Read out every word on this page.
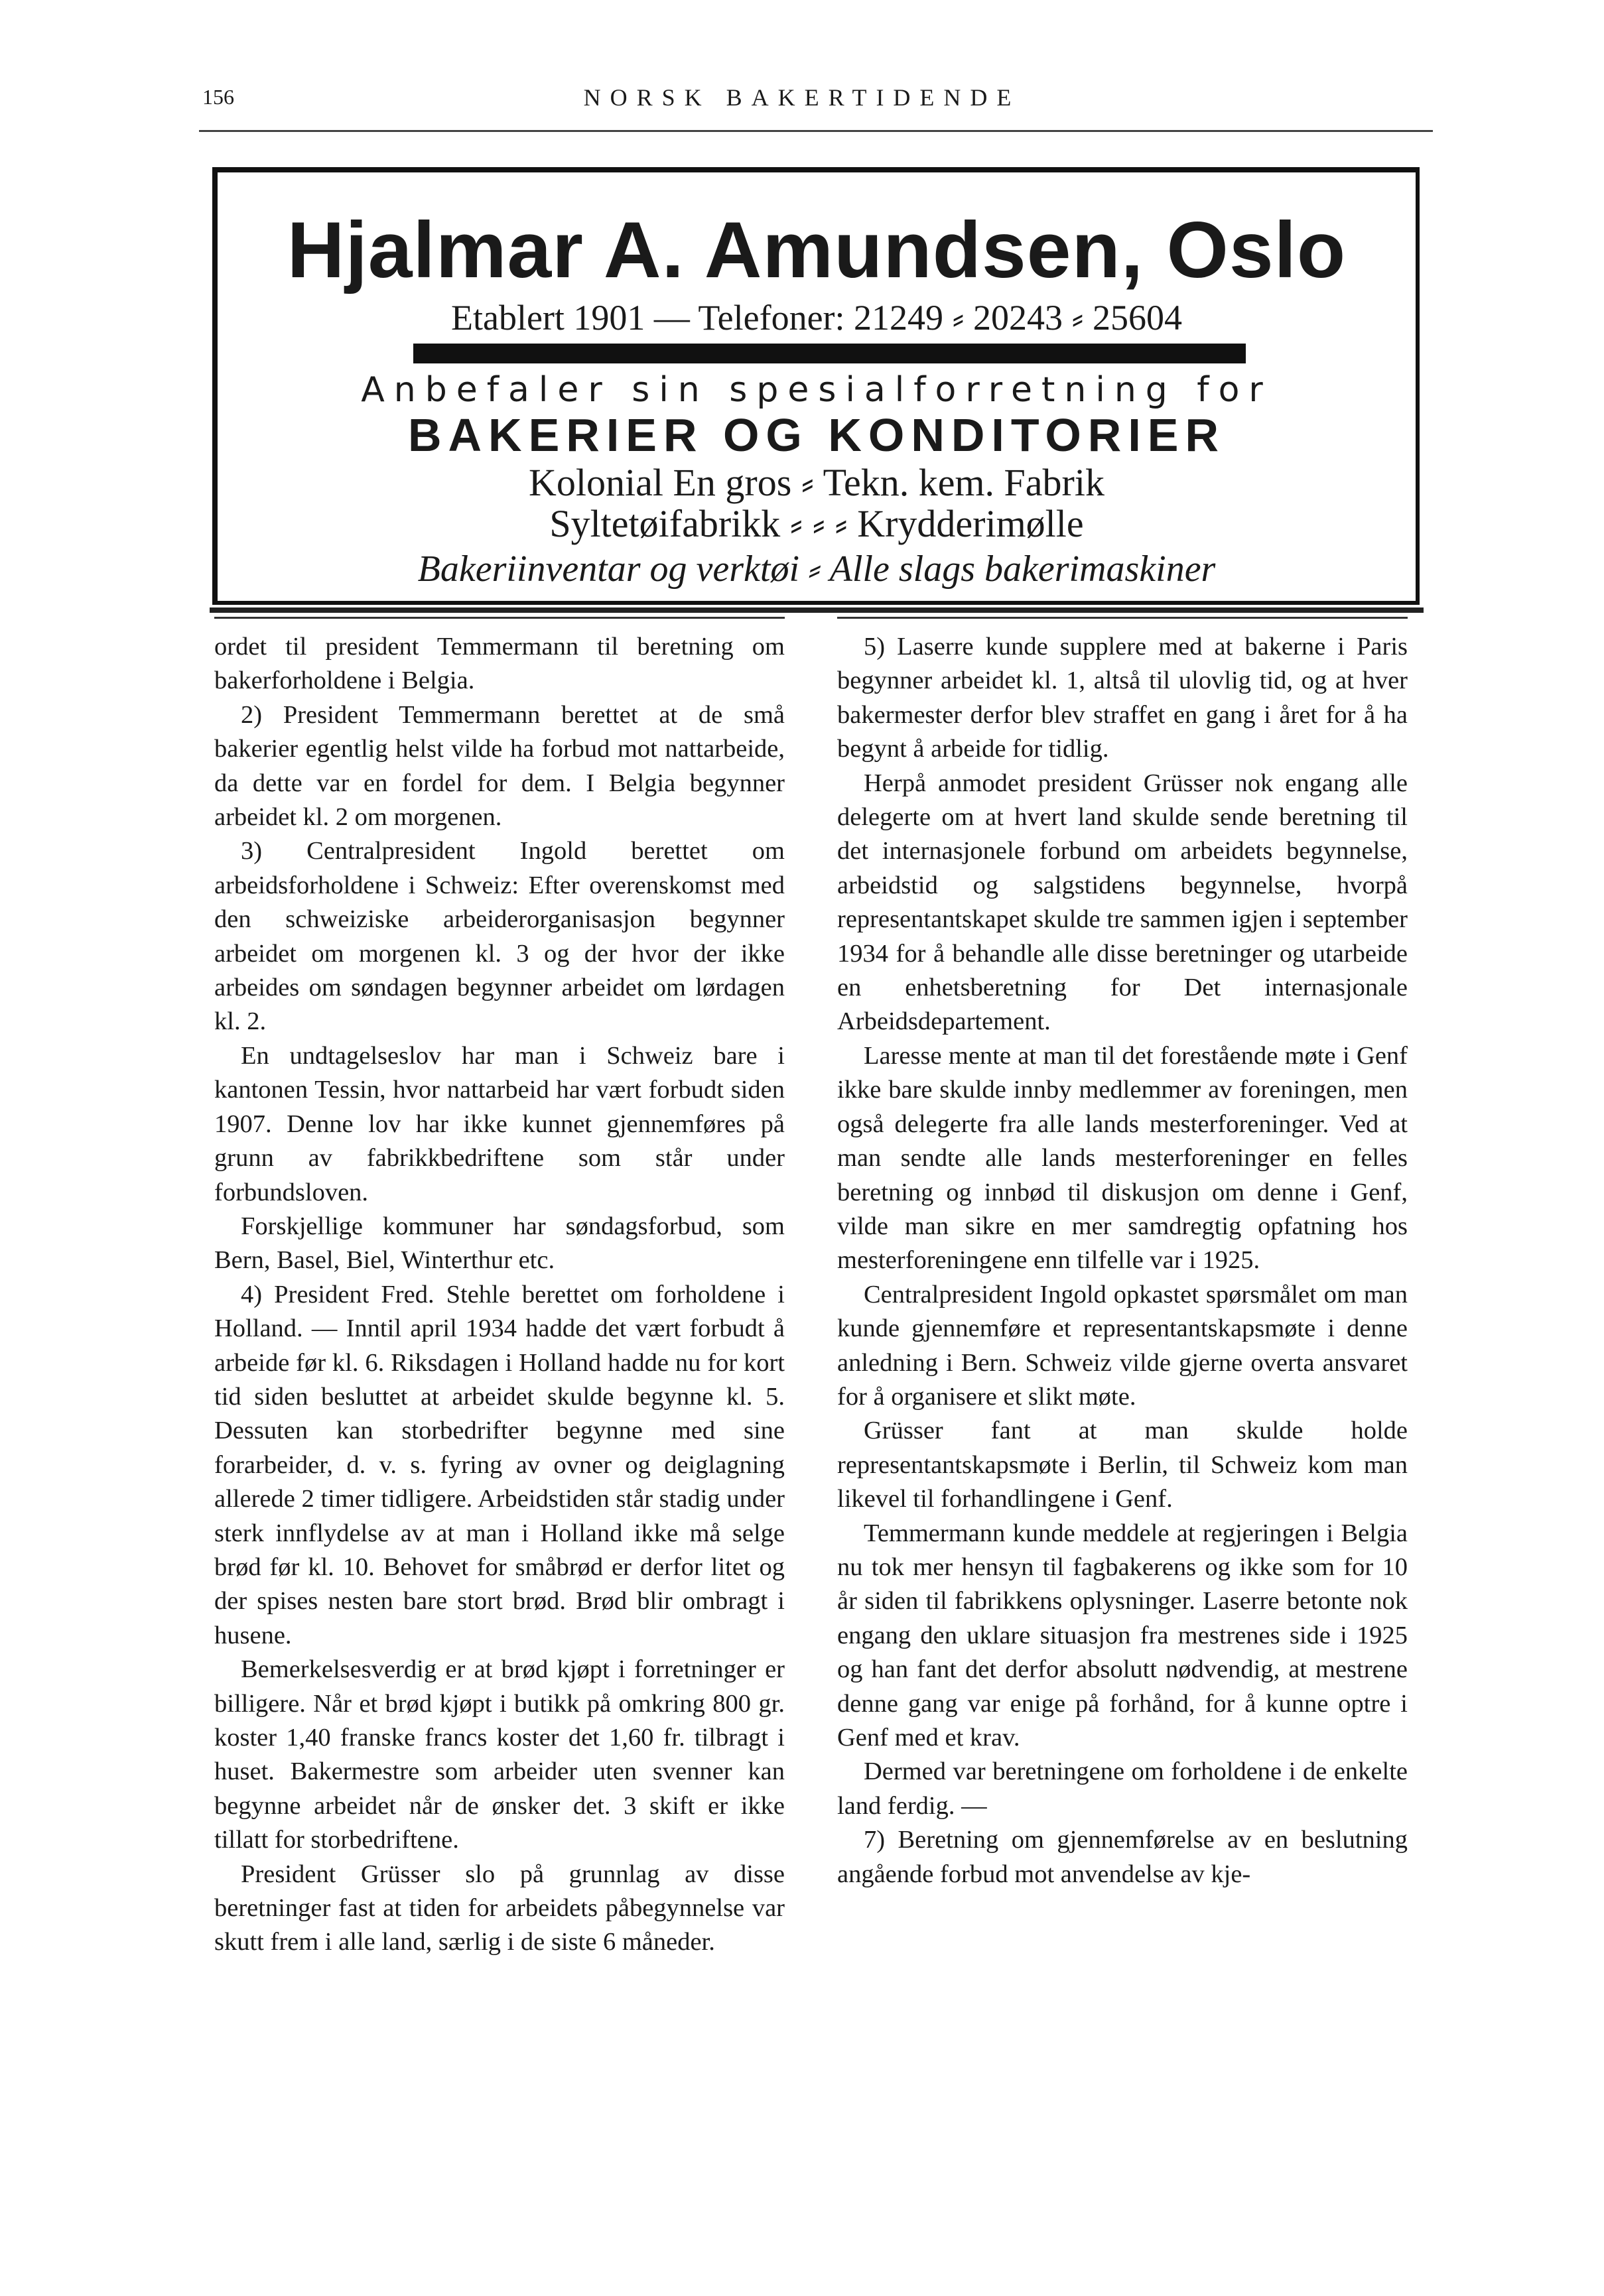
156	NORSK BAKERTIDENDE
Hjalmar A. Amundsen, Oslo
Etablert 1901 — Telefoner: 21249 ⸗ 20243 ⸗ 25604
Anbefaler sin spesialforretning for
BAKERIER OG KONDITORIER
Kolonial En gros ⸗ Tekn. kem. Fabrik
Syltetøifabrikk ⸗ ⸗ ⸗ Krydderimølle
Bakeriinventar og verktøi ⸗ Alle slags bakerimaskiner

ordet til president Temmermann til beretning om bakerforholdene i Belgia.

2) President Temmermann berettet at de små bakerier egentlig helst vilde ha forbud mot nattarbeide, da dette var en fordel for dem. I Belgia begynner arbeidet kl. 2 om morgenen.

3) Centralpresident Ingold berettet om arbeidsforholdene i Schweiz: Efter overenskomst med den schweiziske arbeiderorganisasjon begynner arbeidet om morgenen kl. 3 og der hvor der ikke arbeides om søndagen begynner arbeidet om lørdagen kl. 2.

En undtagelseslov har man i Schweiz bare i kantonen Tessin, hvor nattarbeid har vært forbudt siden 1907. Denne lov har ikke kunnet gjennemføres på grunn av fabrikkbedriftene som står under forbundsloven.

Forskjellige kommuner har søndagsforbud, som Bern, Basel, Biel, Winterthur etc.

4) President Fred. Stehle berettet om forholdene i Holland. — Inntil april 1934 hadde det vært forbudt å arbeide før kl. 6. Riksdagen i Holland hadde nu for kort tid siden besluttet at arbeidet skulde begynne kl. 5. Dessuten kan storbedrifter begynne med sine forarbeider, d. v. s. fyring av ovner og deiglagning allerede 2 timer tidligere. Arbeidstiden står stadig under sterk innflydelse av at man i Holland ikke må selge brød før kl. 10. Behovet for småbrød er derfor litet og der spises nesten bare stort brød. Brød blir ombragt i husene.

Bemerkelsesverdig er at brød kjøpt i forretninger er billigere. Når et brød kjøpt i butikk på omkring 800 gr. koster 1,40 franske francs koster det 1,60 fr. tilbragt i huset. Bakermestre som arbeider uten svenner kan begynne arbeidet når de ønsker det. 3 skift er ikke tillatt for storbedriftene.

President Grüsser slo på grunnlag av disse beretninger fast at tiden for arbeidets påbegynnelse var skutt frem i alle land, særlig i de siste 6 måneder.

5) Laserre kunde supplere med at bakerne i Paris begynner arbeidet kl. 1, altså til ulovlig tid, og at hver bakermester derfor blev straffet en gang i året for å ha begynt å arbeide for tidlig.

Herpå anmodet president Grüsser nok engang alle delegerte om at hvert land skulde sende beretning til det internasjonele forbund om arbeidets begynnelse, arbeidstid og salgstidens begynnelse, hvorpå representantskapet skulde tre sammen igjen i september 1934 for å behandle alle disse beretninger og utarbeide en enhetsberetning for Det internasjonale Arbeidsdepartement.

Laresse mente at man til det forestående møte i Genf ikke bare skulde innby medlemmer av foreningen, men også delegerte fra alle lands mesterforeninger. Ved at man sendte alle lands mesterforeninger en felles beretning og innbød til diskusjon om denne i Genf, vilde man sikre en mer samdregtig opfatning hos mesterforeningene enn tilfelle var i 1925.

Centralpresident Ingold opkastet spørsmålet om man kunde gjennemføre et representantskapsmøte i denne anledning i Bern. Schweiz vilde gjerne overta ansvaret for å organisere et slikt møte.

Grüsser fant at man skulde holde representantskapsmøte i Berlin, til Schweiz kom man likevel til forhandlingene i Genf.

Temmermann kunde meddele at regjeringen i Belgia nu tok mer hensyn til fagbakerens og ikke som for 10 år siden til fabrikkens oplysninger. Laserre betonte nok engang den uklare situasjon fra mestrenes side i 1925 og han fant det derfor absolutt nødvendig, at mestrene denne gang var enige på forhånd, for å kunne optre i Genf med et krav.

Dermed var beretningene om forholdene i de enkelte land ferdig. —

7) Beretning om gjennemførelse av en beslutning angående forbud mot anvendelse av kje-
